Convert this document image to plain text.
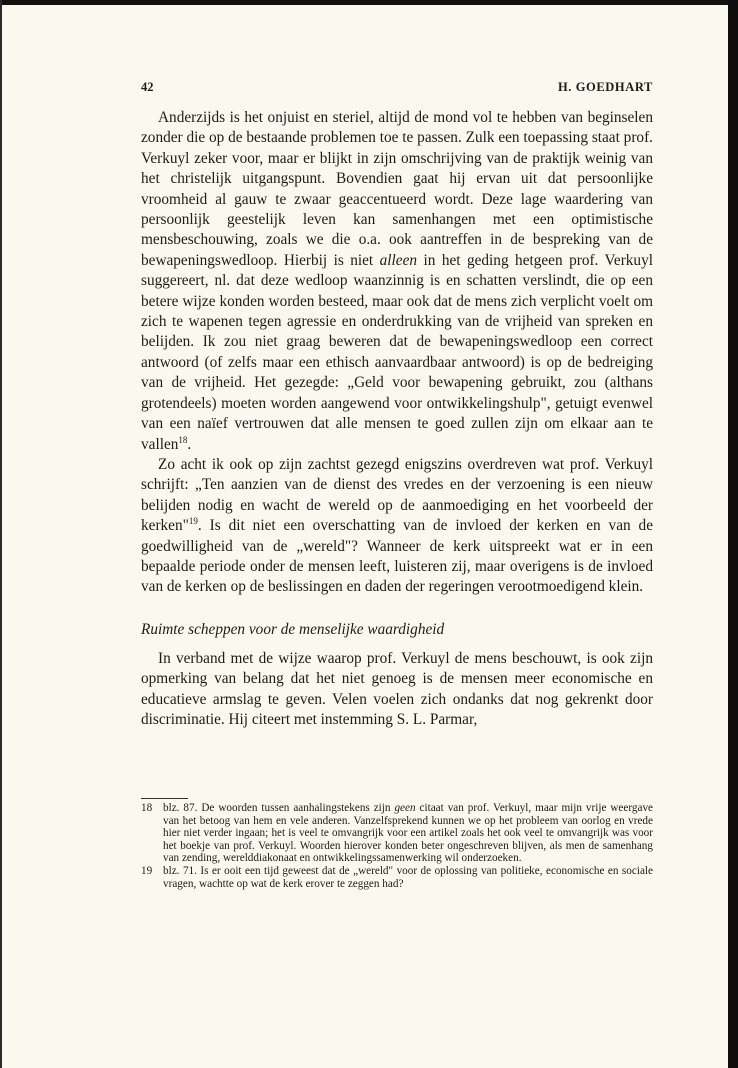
42	H. GOEDHART

Anderzijds is het onjuist en steriel, altijd de mond vol te hebben van beginselen zonder die op de bestaande problemen toe te passen. Zulk een toepassing staat prof. Verkuyl zeker voor, maar er blijkt in zijn omschrijving van de praktijk weinig van het christelijk uitgangspunt. Bovendien gaat hij ervan uit dat persoonlijke vroomheid al gauw te zwaar geaccentueerd wordt. Deze lage waardering van persoonlijk geestelijk leven kan samenhangen met een optimistische mensbeschouwing, zoals we die o.a. ook aantreffen in de bespreking van de bewapeningswedloop. Hierbij is niet alleen in het geding hetgeen prof. Verkuyl suggereert, nl. dat deze wedloop waanzinnig is en schatten verslindt, die op een betere wijze konden worden besteed, maar ook dat de mens zich verplicht voelt om zich te wapenen tegen agressie en onderdrukking van de vrijheid van spreken en belijden. Ik zou niet graag beweren dat de bewapeningswedloop een correct antwoord (of zelfs maar een ethisch aanvaardbaar antwoord) is op de bedreiging van de vrijheid. Het gezegde: „Geld voor bewapening gebruikt, zou (althans grotendeels) moeten worden aangewend voor ontwikkelingshulp", getuigt evenwel van een naïef vertrouwen dat alle mensen te goed zullen zijn om elkaar aan te vallen$^{18}$.

Zo acht ik ook op zijn zachtst gezegd enigszins overdreven wat prof. Verkuyl schrijft: „Ten aanzien van de dienst des vredes en der verzoening is een nieuw belijden nodig en wacht de wereld op de aanmoediging en het voorbeeld der kerken"$^{19}$. Is dit niet een overschatting van de invloed der kerken en van de goedwilligheid van de „wereld"? Wanneer de kerk uitspreekt wat er in een bepaalde periode onder de mensen leeft, luisteren zij, maar overigens is de invloed van de kerken op de beslissingen en daden der regeringen verootmoedigend klein.

Ruimte scheppen voor de menselijke waardigheid

In verband met de wijze waarop prof. Verkuyl de mens beschouwt, is ook zijn opmerking van belang dat het niet genoeg is de mensen meer economische en educatieve armslag te geven. Velen voelen zich ondanks dat nog gekrenkt door discriminatie. Hij citeert met instemming S. L. Parmar,

18 blz. 87. De woorden tussen aanhalingstekens zijn geen citaat van prof. Verkuyl, maar mijn vrije weergave van het betoog van hem en vele anderen. Vanzelfsprekend kunnen we op het probleem van oorlog en vrede hier niet verder ingaan; het is veel te omvangrijk voor een artikel zoals het ook veel te omvangrijk was voor het boekje van prof. Verkuyl. Woorden hierover konden beter ongeschreven blijven, als men de samenhang van zending, werelddiakonaat en ontwikkelingssamenwerking wil onderzoeken.
19 blz. 71. Is er ooit een tijd geweest dat de „wereld" voor de oplossing van politieke, economische en sociale vragen, wachtte op wat de kerk erover te zeggen had?
